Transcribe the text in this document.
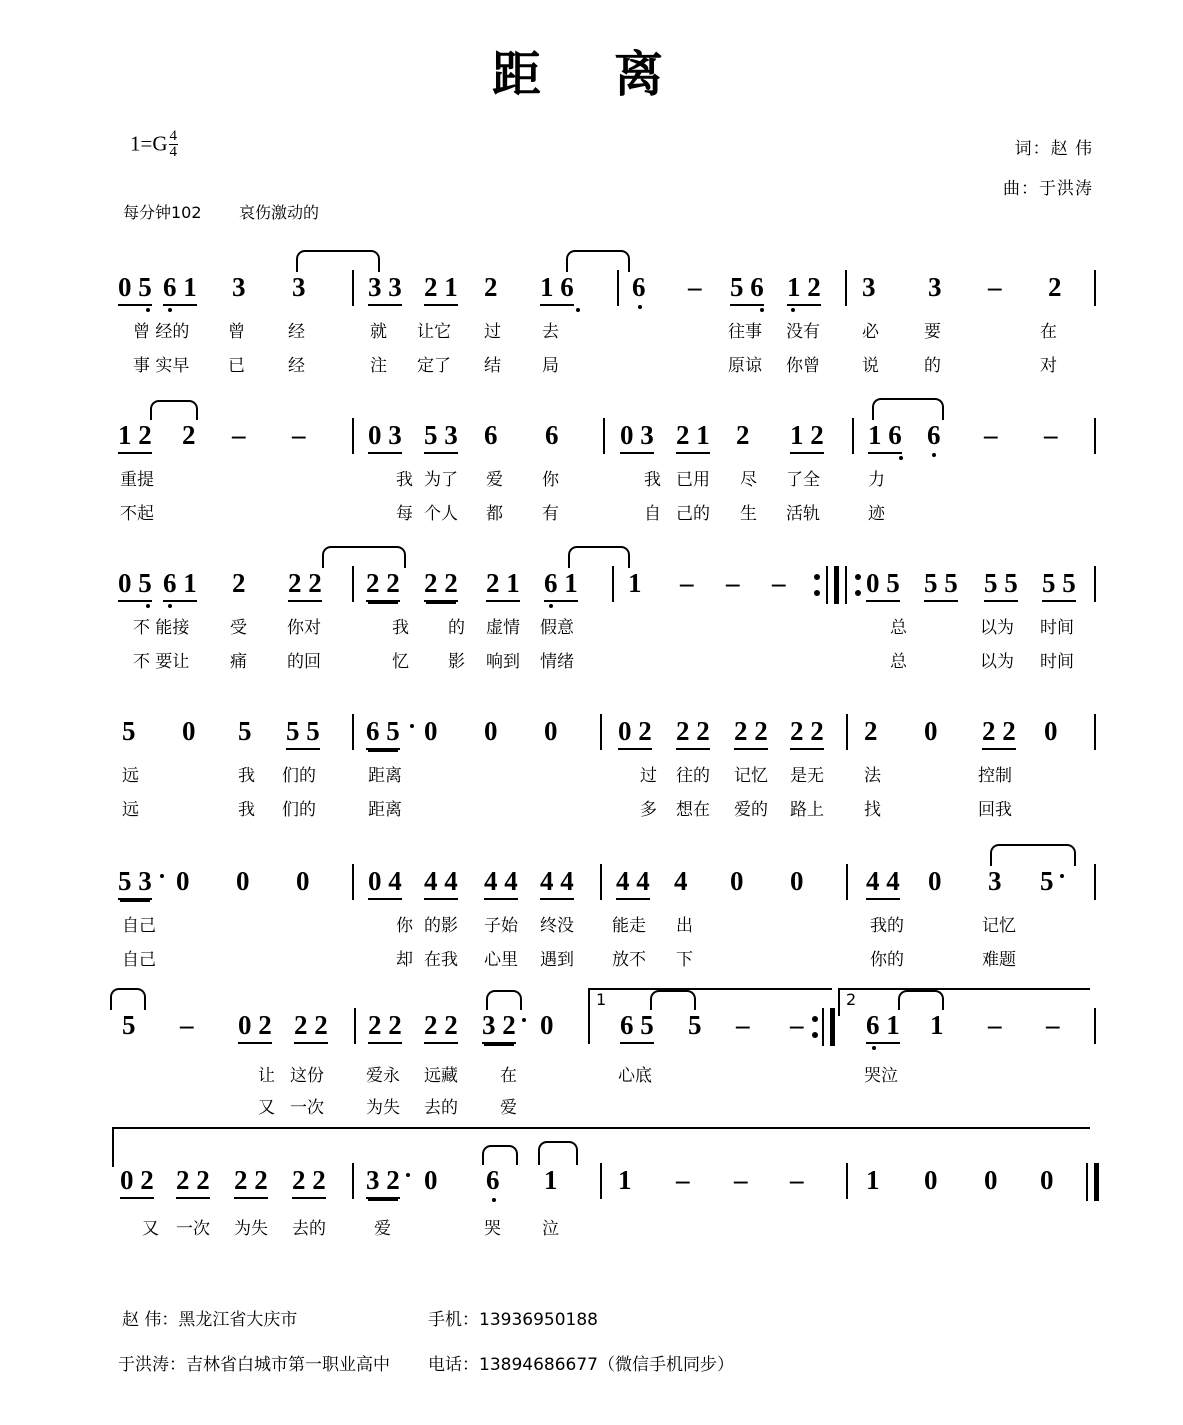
距 离
$1=G \frac{4}{4}$
每分钟102 哀伤激动的
词：赵 伟
曲：于洪涛
0 5 6 1 3 3 3 3 2 1 2 1 6 6 – 5 6 1 2 3 3 – 2
曾 经的 曾	经	就 让它 过 去	往事 没有 必	要	在
事 实早 已	经	注 定了 结 局	原谅 你曾 说	的	对
1 2 2 – – 0 3 5 3 6 6 0 3 2 1 2 1 2 1 6 6 – –
重提	我 为了 爱 你	我 已用 尽 了全	力
不起	每 个人 都 有	自 己的 生 活轨	迹
0 5 6 1 2 2 2 2 2 2 2 2 1 6 1 1 – – –	0 5 5 5 5 5 5 5
不 能接 受 你对	我 的 虚情 假意	总	以为 时间
不 要让 痛 的回	忆 影 响到 情绪	总	以为 时间
5 0 5 5 5 6 5 0 0 0 0 2 2 2 2 2 2 2 2 0 2 2 0
远	我 们的	距离	过 往的 记忆 是无 法	控制
远	我 们的	距离	多 想在 爱的 路上 找	回我
5 3 0 0 0 0 4 4 4 4 4 4 4 4 4 4 0 0 4 4 0 3 5
自己	你 的影 子始 终没 能走 出	我的	记忆
自己	却 在我 心里 遇到 放不 下	你的	难题
1	2
5 – 0 2 2 2 2 2 2 2 3 2 0 6 5 5 – – 6 1 1 – –
让 这份 爱永 远藏 在	心底	哭泣
又 一次 为失 去的 爱
0 2 2 2 2 2 2 2 3 2 0 6 1 1 – – – 1 0 0 0
又 一次 为失 去的	爱	哭 泣
赵 伟：黑龙江省大庆市	手机：13936950188
于洪涛：吉林省白城市第一职业高中 电话：13894686677（微信手机同步）
